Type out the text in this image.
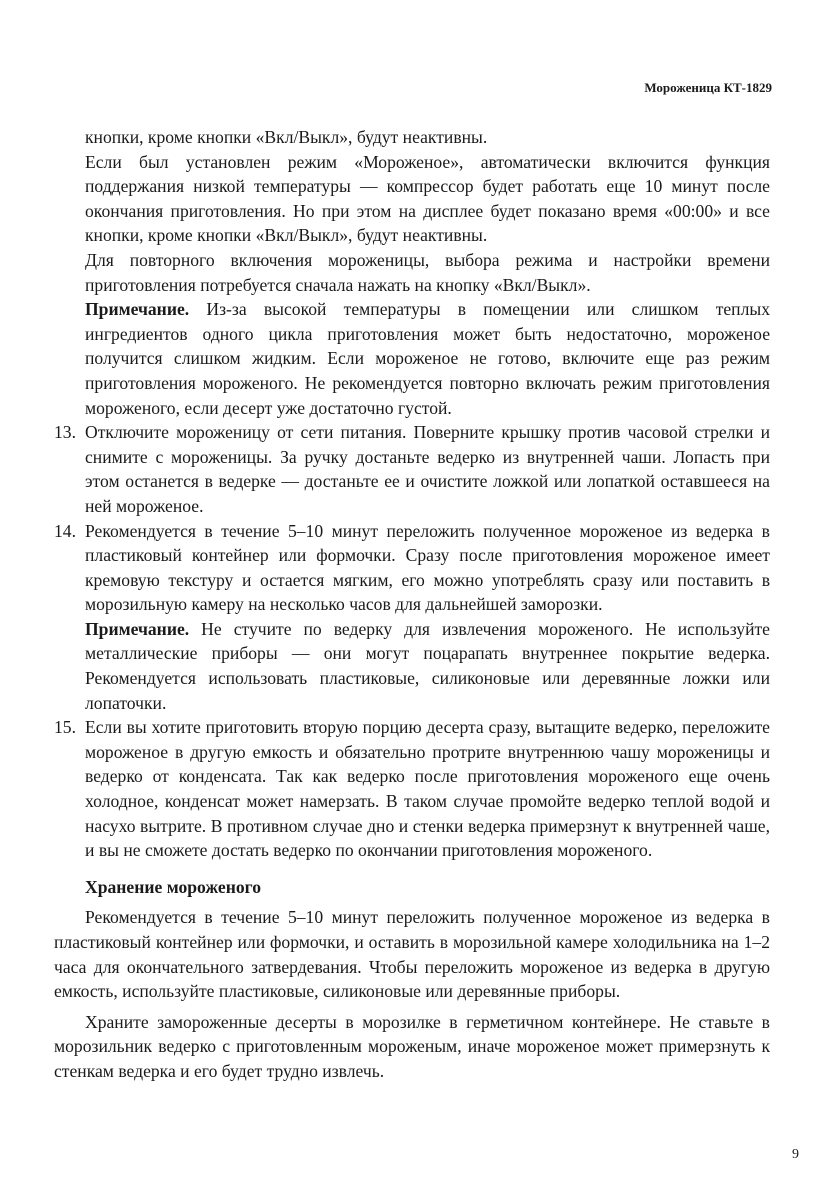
Мороженица КТ-1829

кнопки, кроме кнопки «Вкл/Выкл», будут неактивны.

Если был установлен режим «Мороженое», автоматически включится функция поддержания низкой температуры — компрессор будет работать еще 10 минут после окончания приготовления. Но при этом на дисплее будет показано время «00:00» и все кнопки, кроме кнопки «Вкл/Выкл», будут неактивны.

Для повторного включения мороженицы, выбора режима и настройки времени приготовления потребуется сначала нажать на кнопку «Вкл/Выкл».

Примечание. Из-за высокой температуры в помещении или слишком теплых ингредиентов одного цикла приготовления может быть недостаточно, мороженое получится слишком жидким. Если мороженое не готово, включите еще раз режим приготовления мороженого. Не рекомендуется повторно включать режим приготовления мороженого, если десерт уже достаточно густой.

13. Отключите мороженицу от сети питания. Поверните крышку против часовой стрелки и снимите с мороженицы. За ручку достаньте ведерко из внутренней чаши. Лопасть при этом останется в ведерке — достаньте ее и очистите ложкой или лопаткой оставшееся на ней мороженое.

14. Рекомендуется в течение 5–10 минут переложить полученное мороженое из ведерка в пластиковый контейнер или формочки. Сразу после приготовления мороженое имеет кремовую текстуру и остается мягким, его можно употреблять сразу или поставить в морозильную камеру на несколько часов для дальнейшей заморозки.

Примечание. Не стучите по ведерку для извлечения мороженого. Не используйте металлические приборы — они могут поцарапать внутреннее покрытие ведерка. Рекомендуется использовать пластиковые, силиконовые или деревянные ложки или лопаточки.

15. Если вы хотите приготовить вторую порцию десерта сразу, вытащите ведерко, переложите мороженое в другую емкость и обязательно протрите внутреннюю чашу мороженицы и ведерко от конденсата. Так как ведерко после приготовления мороженого еще очень холодное, конденсат может намерзать. В таком случае промойте ведерко теплой водой и насухо вытрите. В противном случае дно и стенки ведерка примерзнут к внутренней чаше, и вы не сможете достать ведерко по окончании приготовления мороженого.

Хранение мороженого

Рекомендуется в течение 5–10 минут переложить полученное мороженое из ведерка в пластиковый контейнер или формочки, и оставить в морозильной камере холодильника на 1–2 часа для окончательного затвердевания. Чтобы переложить мороженое из ведерка в другую емкость, используйте пластиковые, силиконовые или деревянные приборы.

Храните замороженные десерты в морозилке в герметичном контейнере. Не ставьте в морозильник ведерко с приготовленным мороженым, иначе мороженое может примерзнуть к стенкам ведерка и его будет трудно извлечь.

9
